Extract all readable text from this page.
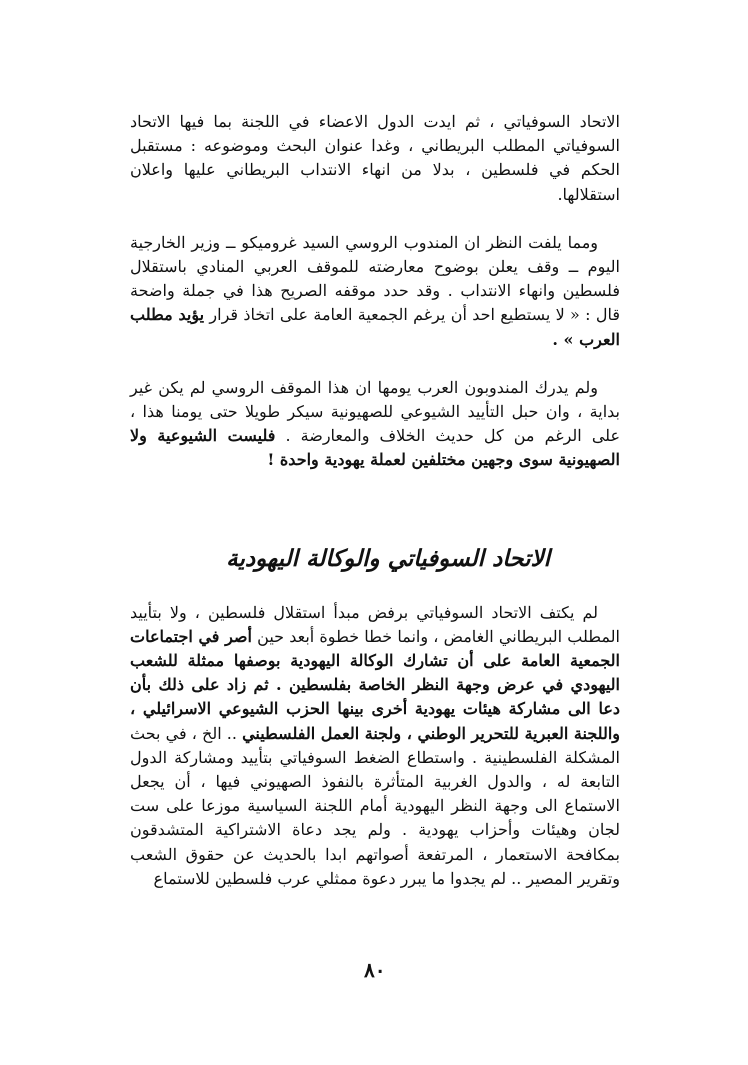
الاتحاد السوفياتي ، ثم ايدت الدول الاعضاء في اللجنة بما فيها الاتحاد السوفياتي المطلب البريطاني ، وغدا عنوان البحث وموضوعه : مستقبل الحكم في فلسطين ، بدلا من انهاء الانتداب البريطاني عليها واعلان استقلالها.

ومما يلفت النظر ان المندوب الروسي السيد غروميكو ــ وزير الخارجية اليوم ــ وقف يعلن بوضوح معارضته للموقف العربي المنادي باستقلال فلسطين وانهاء الانتداب . وقد حدد موقفه الصريح هذا في جملة واضحة قال : « لا يستطيع احد أن يرغم الجمعية العامة على اتخاذ قرار يؤيد مطلب العرب » .

ولم يدرك المندوبون العرب يومها ان هذا الموقف الروسي لم يكن غير بداية ، وان حبل التأييد الشيوعي للصهيونية سيكر طويلا حتى يومنا هذا ، على الرغم من كل حديث الخلاف والمعارضة . فليست الشيوعية ولا الصهيونية سوى وجهين مختلفين لعملة يهودية واحدة !

الاتحاد السوفياتي والوكالة اليهودية

لم يكتف الاتحاد السوفياتي برفض مبدأ استقلال فلسطين ، ولا بتأييد المطلب البريطاني الغامض ، وانما خطا خطوة أبعد حين أصر في اجتماعات الجمعية العامة على أن تشارك الوكالة اليهودية بوصفها ممثلة للشعب اليهودي في عرض وجهة النظر الخاصة بفلسطين . ثم زاد على ذلك بأن دعا الى مشاركة هيئات يهودية أخرى بينها الحزب الشيوعي الاسرائيلي ، واللجنة العبرية للتحرير الوطني ، ولجنة العمل الفلسطيني .. الخ ، في بحث المشكلة الفلسطينية . واستطاع الضغط السوفياتي بتأييد ومشاركة الدول التابعة له ، والدول الغربية المتأثرة بالنفوذ الصهيوني فيها ، أن يجعل الاستماع الى وجهة النظر اليهودية أمام اللجنة السياسية موزعا على ست لجان وهيئات وأحزاب يهودية . ولم يجد دعاة الاشتراكية المتشدقون بمكافحة الاستعمار ، المرتفعة أصواتهم ابدا بالحديث عن حقوق الشعب وتقرير المصير .. لم يجدوا ما يبرر دعوة ممثلي عرب فلسطين للاستماع

٨٠
